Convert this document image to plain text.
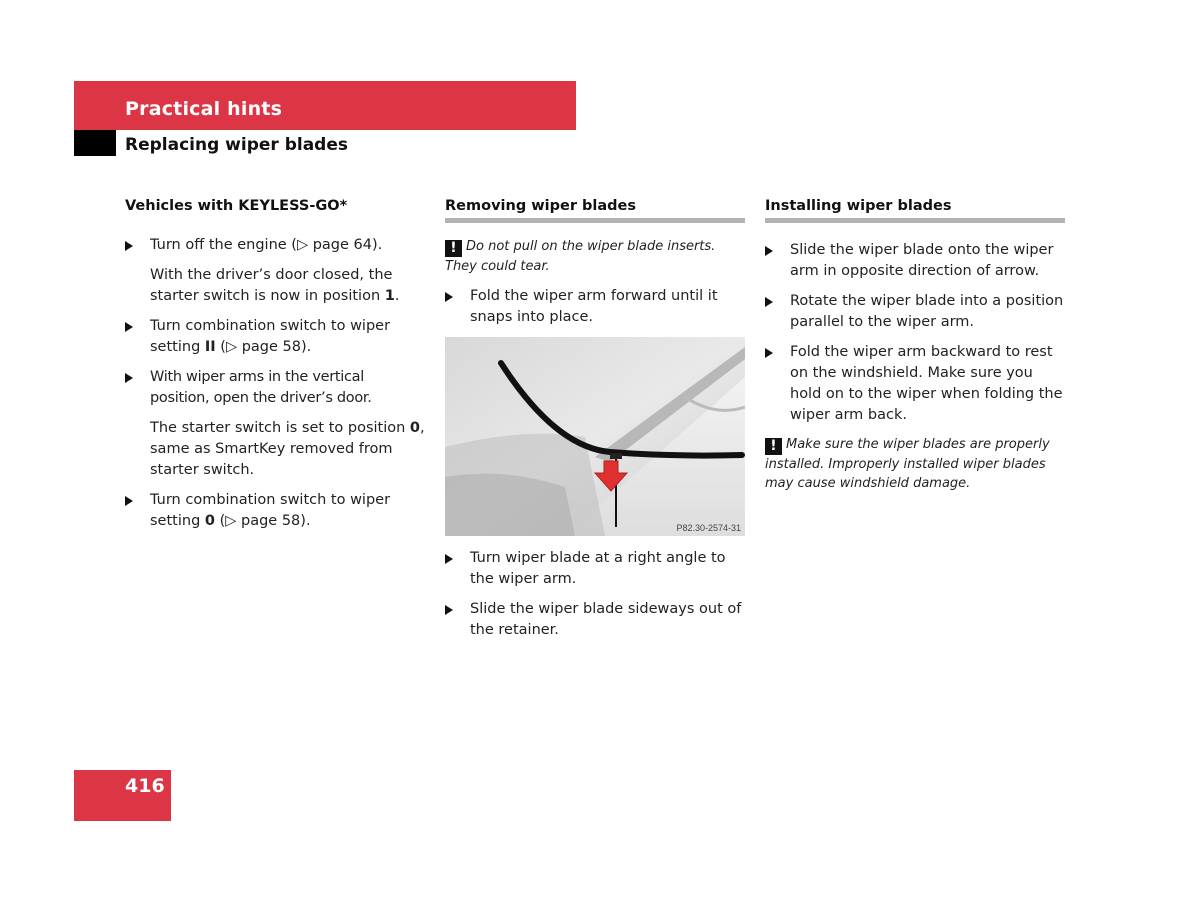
Practical hints
Replacing wiper blades
Vehicles with KEYLESS-GO*
Turn off the engine (▷ page 64).
With the driver’s door closed, the starter switch is now in position 1.
Turn combination switch to wiper setting II (▷ page 58).
With wiper arms in the vertical position, open the driver’s door.
The starter switch is set to position 0, same as SmartKey removed from starter switch.
Turn combination switch to wiper setting 0 (▷ page 58).
Removing wiper blades
! Do not pull on the wiper blade inserts. They could tear.
Fold the wiper arm forward until it snaps into place.
P82.30-2574-31
Turn wiper blade at a right angle to the wiper arm.
Slide the wiper blade sideways out of the retainer.
Installing wiper blades
Slide the wiper blade onto the wiper arm in opposite direction of arrow.
Rotate the wiper blade into a position parallel to the wiper arm.
Fold the wiper arm backward to rest on the windshield. Make sure you hold on to the wiper when folding the wiper arm back.
! Make sure the wiper blades are properly installed. Improperly installed wiper blades may cause windshield damage.
416
